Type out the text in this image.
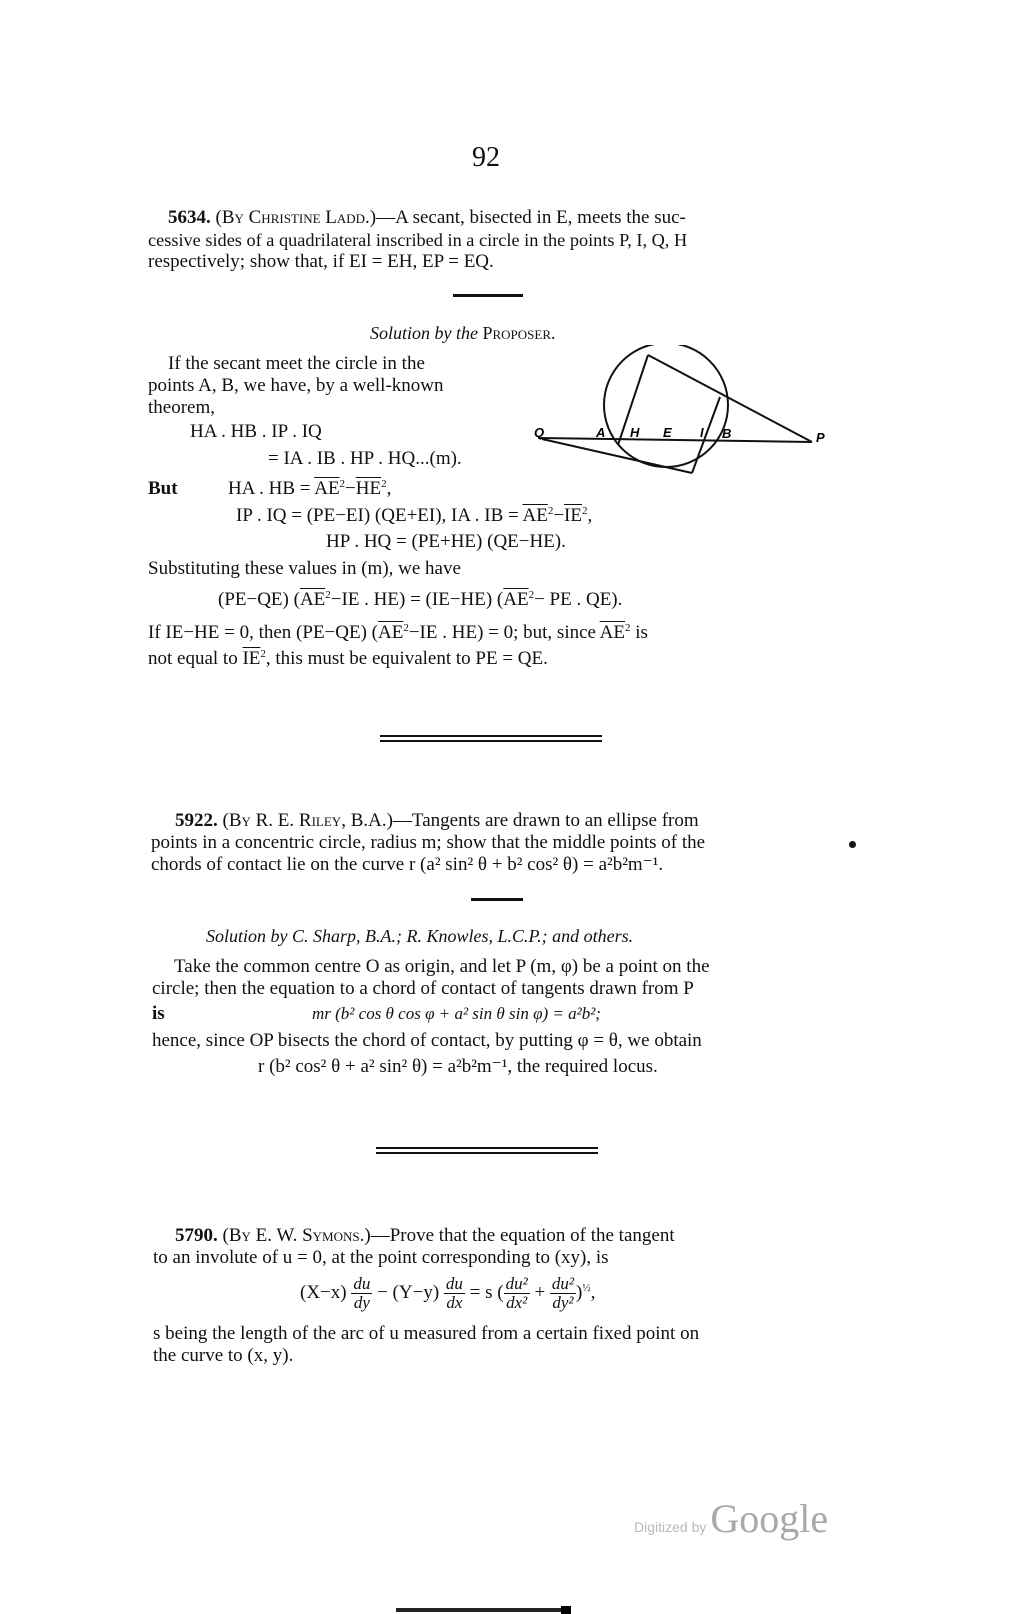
92
5634. (By Christine Ladd.)—A secant, bisected in E, meets the suc-
cessive sides of a quadrilateral inscribed in a circle in the points P, I, Q, H
respectively; show that, if EI = EH, EP = EQ.
Solution by the Proposer.
If the secant meet the circle in the
points A, B, we have, by a well-known
theorem,
HA . HB . IP . IQ
= IA . IB . HP . HQ...(m).
Q	A H E I B	P
But	HA . HB = $\overline{AE}^2-\overline{HE}^2$,
IP . IQ = (PE−EI) (QE+EI), IA . IB = $\overline{AE}^2-\overline{IE}^2$,
HP . HQ = (PE+HE) (QE−HE).
Substituting these values in (m), we have
(PE−QE) ($\overline{AE}^2-IE$ . HE) = (IE−HE) ($\overline{AE}^2-$ PE . QE).
If IE−HE = 0, then (PE−QE) ($\overline{AE}^2-IE$ . HE) = 0; but, since $\overline{AE}^2$ is
not equal to $\overline{IE}^2$, this must be equivalent to PE = QE.
5922. (By R. E. Riley, B.A.)—Tangents are drawn to an ellipse from
points in a concentric circle, radius m; show that the middle points of the
chords of contact lie on the curve r (a² sin² θ + b² cos² θ) = a²b²m⁻¹.
Solution by C. Sharp, B.A.; R. Knowles, L.C.P.; and others.
Take the common centre O as origin, and let P (m, φ) be a point on the
circle; then the equation to a chord of contact of tangents drawn from P
is	mr (b² cos θ cos φ + a² sin θ sin φ) = a²b²;
hence, since OP bisects the chord of contact, by putting φ = θ, we obtain
r (b² cos² θ + a² sin² θ) = a²b²m⁻¹, the required locus.
5790. (By E. W. Symons.)—Prove that the equation of the tangent
to an involute of u = 0, at the point corresponding to (xy), is
$(X-x) \frac{du}{dy} - (Y-y) \frac{du}{dx} = s$ ( $\frac{\text{du²}}{\text{dx²}} + \frac{\text{du²}}{\text{dy²}} )^{\frac{1}{2}}$,
s being the length of the arc of u measured from a certain fixed point on
the curve to (x, y).
Digitized by Google
